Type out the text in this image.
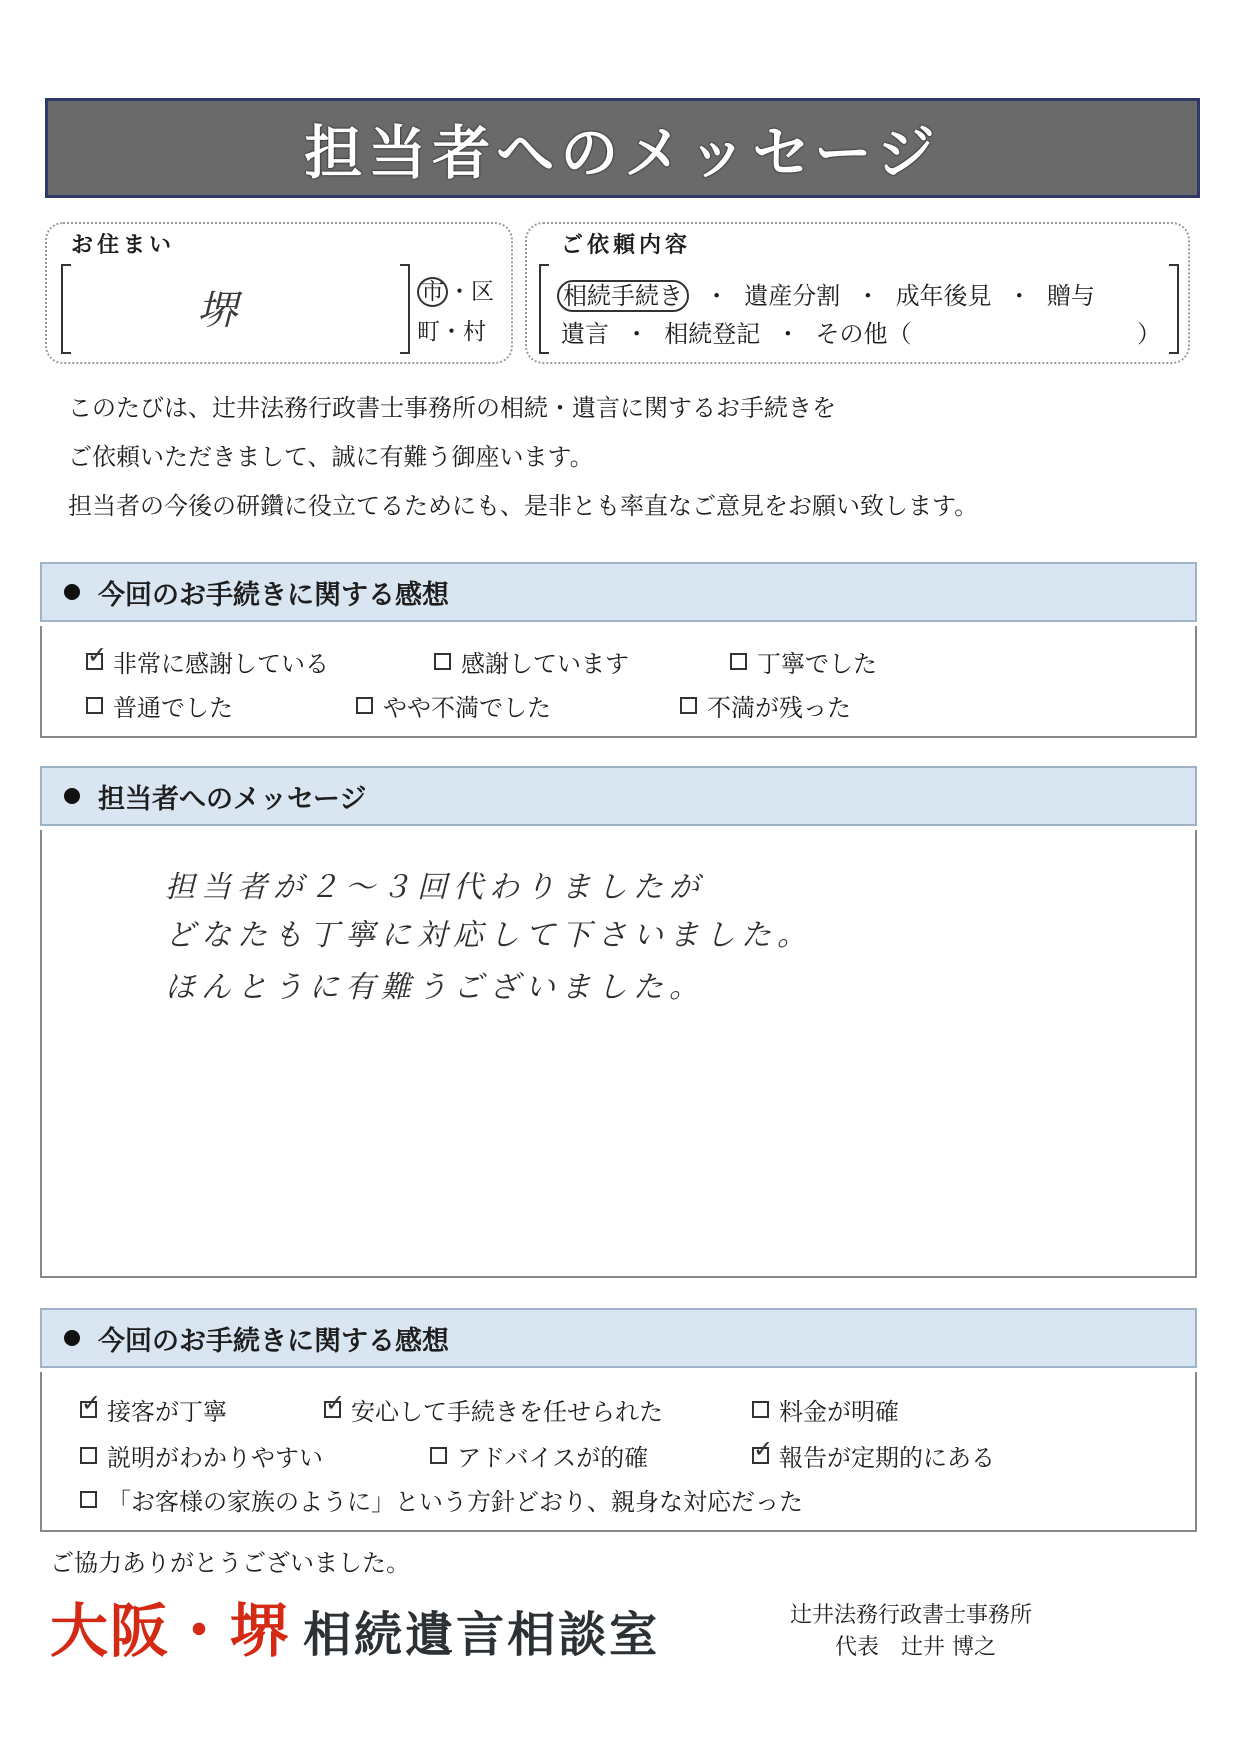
担当者へのメッセージ
お住まい
堺	市 ・区
町・村
ご依頼内容
相続手続き ・ 遺産分割 ・ 成年後見 ・ 贈与
遺言 ・ 相続登記 ・ その他（	）
このたびは、辻井法務行政書士事務所の相続・遺言に関するお手続きを
ご依頼いただきまして、誠に有難う御座います。
担当者の今後の研鑽に役立てるためにも、是非とも率直なご意見をお願い致します。
今回のお手続きに関する感想
✓
非常に感謝している	感謝しています	丁寧でした
普通でした	やや不満でした	不満が残った
担当者へのメッセージ
担当者が２～３回代わりましたが
どなたも丁寧に対応して下さいました。
ほんとうに有難うございました。
今回のお手続きに関する感想
✓
接客が丁寧 ✓	安心して手続きを任せられた	料金が明確
説明がわかりやすい	アドバイスが的確 ✓	報告が定期的にある
「お客様の家族のように」という方針どおり、親身な対応だった
ご協力ありがとうございました。
大阪・堺 相続遺言相談室	辻井法務行政書士事務所
代表　辻井 博之
